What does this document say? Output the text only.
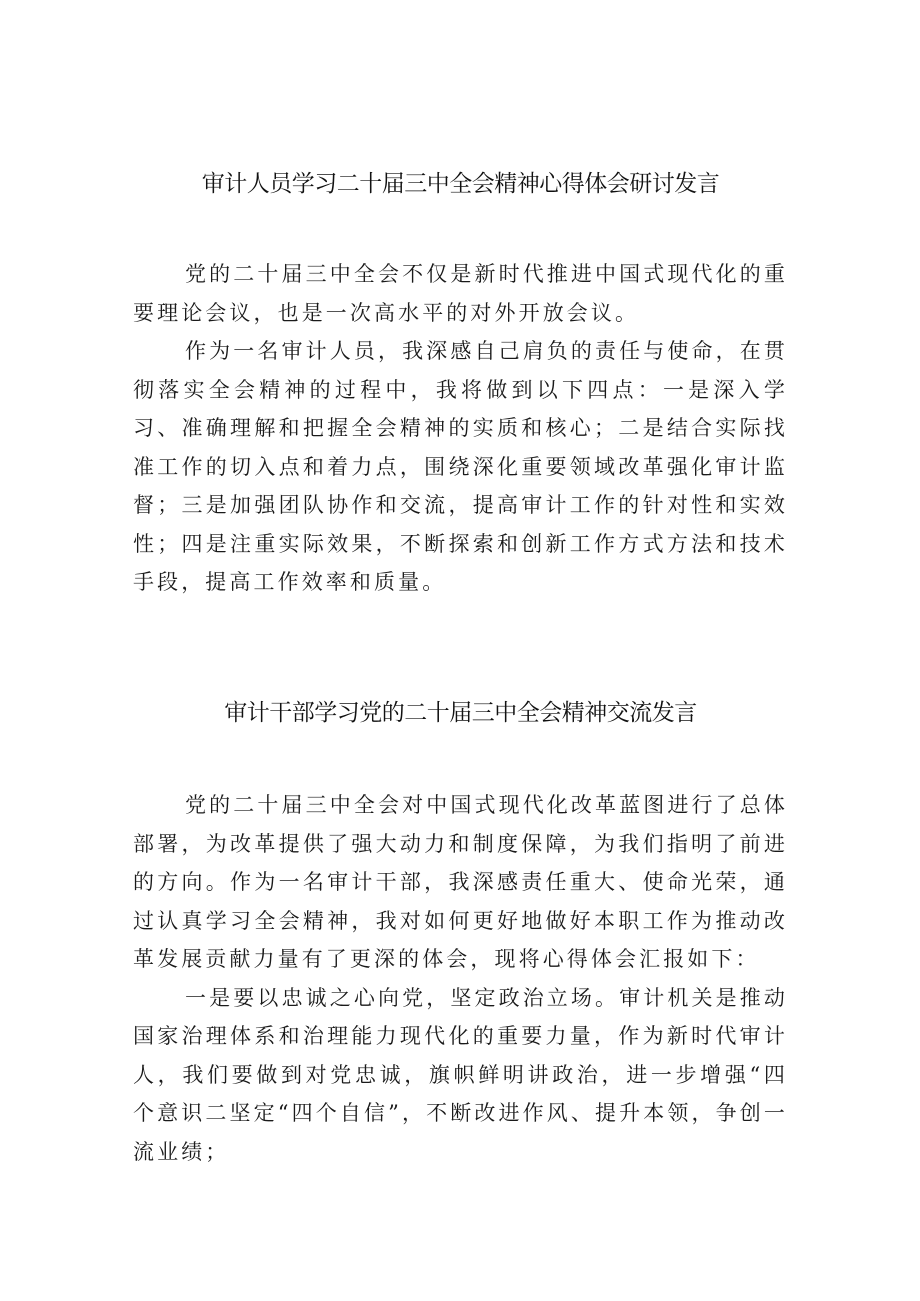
审计人员学习二十届三中全会精神心得体会研讨发言

党的二十届三中全会不仅是新时代推进中国式现代化的重要理论会议，也是一次高水平的对外开放会议。

作为一名审计人员，我深感自己肩负的责任与使命，在贯彻落实全会精神的过程中，我将做到以下四点：一是深入学习、准确理解和把握全会精神的实质和核心；二是结合实际找准工作的切入点和着力点，围绕深化重要领域改革强化审计监督；三是加强团队协作和交流，提高审计工作的针对性和实效性；四是注重实际效果，不断探索和创新工作方式方法和技术手段，提高工作效率和质量。

审计干部学习党的二十届三中全会精神交流发言

党的二十届三中全会对中国式现代化改革蓝图进行了总体部署，为改革提供了强大动力和制度保障，为我们指明了前进的方向。作为一名审计干部，我深感责任重大、使命光荣，通过认真学习全会精神，我对如何更好地做好本职工作为推动改革发展贡献力量有了更深的体会，现将心得体会汇报如下：

一是要以忠诚之心向党，坚定政治立场。审计机关是推动国家治理体系和治理能力现代化的重要力量，作为新时代审计人，我们要做到对党忠诚，旗帜鲜明讲政治，进一步增强“四个意识二坚定“四个自信”，不断改进作风、提升本领，争创一流业绩；
